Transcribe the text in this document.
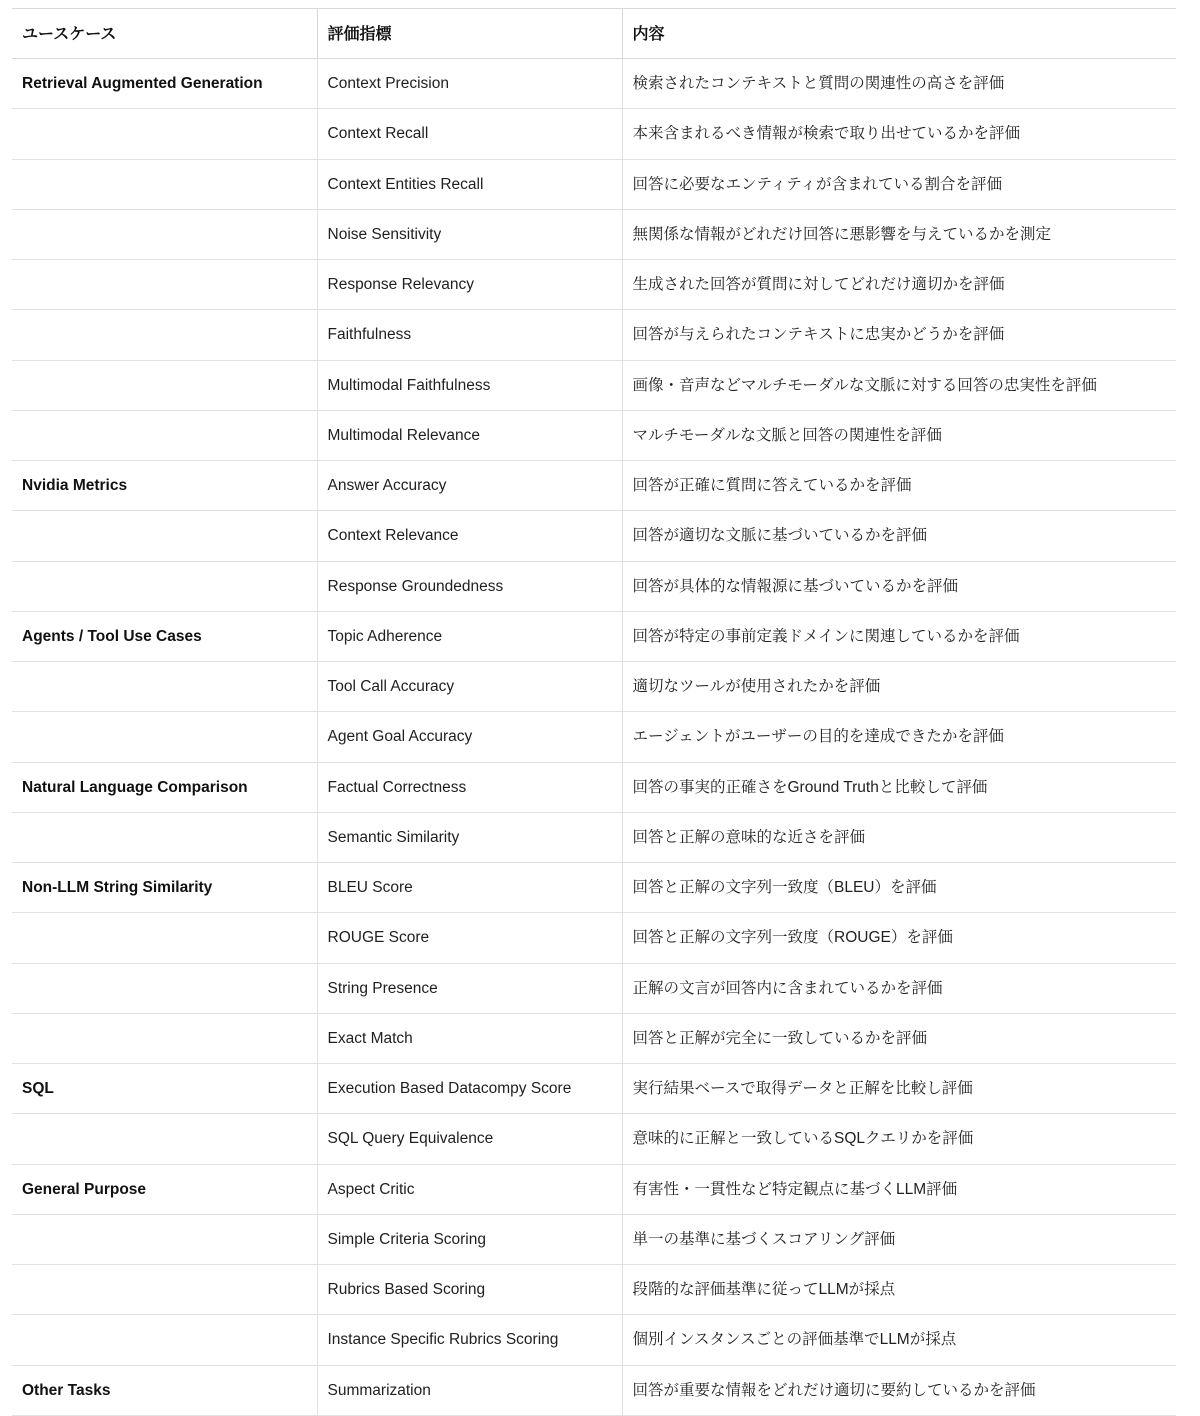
ユースケース	評価指標	内容
Retrieval Augmented Generation	Context Precision	検索されたコンテキストと質問の関連性の高さを評価
	Context Recall	本来含まれるべき情報が検索で取り出せているかを評価
	Context Entities Recall	回答に必要なエンティティが含まれている割合を評価
	Noise Sensitivity	無関係な情報がどれだけ回答に悪影響を与えているかを測定
	Response Relevancy	生成された回答が質問に対してどれだけ適切かを評価
	Faithfulness	回答が与えられたコンテキストに忠実かどうかを評価
	Multimodal Faithfulness	画像・音声などマルチモーダルな文脈に対する回答の忠実性を評価
	Multimodal Relevance	マルチモーダルな文脈と回答の関連性を評価
Nvidia Metrics	Answer Accuracy	回答が正確に質問に答えているかを評価
	Context Relevance	回答が適切な文脈に基づいているかを評価
	Response Groundedness	回答が具体的な情報源に基づいているかを評価
Agents / Tool Use Cases	Topic Adherence	回答が特定の事前定義ドメインに関連しているかを評価
	Tool Call Accuracy	適切なツールが使用されたかを評価
	Agent Goal Accuracy	エージェントがユーザーの目的を達成できたかを評価
Natural Language Comparison	Factual Correctness	回答の事実的正確さをGround Truthと比較して評価
	Semantic Similarity	回答と正解の意味的な近さを評価
Non-LLM String Similarity	BLEU Score	回答と正解の文字列一致度（BLEU）を評価
	ROUGE Score	回答と正解の文字列一致度（ROUGE）を評価
	String Presence	正解の文言が回答内に含まれているかを評価
	Exact Match	回答と正解が完全に一致しているかを評価
SQL	Execution Based Datacompy Score	実行結果ベースで取得データと正解を比較し評価
	SQL Query Equivalence	意味的に正解と一致しているSQLクエリかを評価
General Purpose	Aspect Critic	有害性・一貫性など特定観点に基づくLLM評価
	Simple Criteria Scoring	単一の基準に基づくスコアリング評価
	Rubrics Based Scoring	段階的な評価基準に従ってLLMが採点
	Instance Specific Rubrics Scoring	個別インスタンスごとの評価基準でLLMが採点
Other Tasks	Summarization	回答が重要な情報をどれだけ適切に要約しているかを評価
